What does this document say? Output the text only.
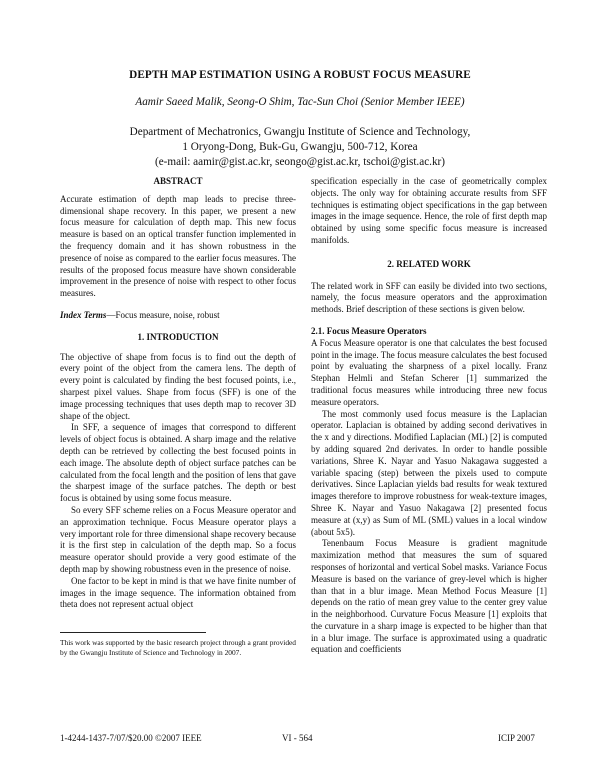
DEPTH MAP ESTIMATION USING A ROBUST FOCUS MEASURE
Aamir Saeed Malik, Seong-O Shim, Tac-Sun Choi (Senior Member IEEE)
Department of Mechatronics, Gwangju Institute of Science and Technology,
1 Oryong-Dong, Buk-Gu, Gwangju, 500-712, Korea
(e-mail: aamir@gist.ac.kr, seongo@gist.ac.kr, tschoi@gist.ac.kr)

ABSTRACT

Accurate estimation of depth map leads to precise three-dimensional shape recovery. In this paper, we present a new focus measure for calculation of depth map. This new focus measure is based on an optical transfer function implemented in the frequency domain and it has shown robustness in the presence of noise as compared to the earlier focus measures. The results of the proposed focus measure have shown considerable improvement in the presence of noise with respect to other focus measures.

Index Terms—Focus measure, noise, robust

1. INTRODUCTION

The objective of shape from focus is to find out the depth of every point of the object from the camera lens. The depth of every point is calculated by finding the best focused points, i.e., sharpest pixel values. Shape from focus (SFF) is one of the image processing techniques that uses depth map to recover 3D shape of the object.

In SFF, a sequence of images that correspond to different levels of object focus is obtained. A sharp image and the relative depth can be retrieved by collecting the best focused points in each image. The absolute depth of object surface patches can be calculated from the focal length and the position of lens that gave the sharpest image of the surface patches. The depth or best focus is obtained by using some focus measure.

So every SFF scheme relies on a Focus Measure operator and an approximation technique. Focus Measure operator plays a very important role for three dimensional shape recovery because it is the first step in calculation of the depth map. So a focus measure operator should provide a very good estimate of the depth map by showing robustness even in the presence of noise.

One factor to be kept in mind is that we have finite number of images in the image sequence. The information obtained from theta does not represent actual object

This work was supported by the basic research project through a grant provided by the Gwangju Institute of Science and Technology in 2007.

specification especially in the case of geometrically complex objects. The only way for obtaining accurate results from SFF techniques is estimating object specifications in the gap between images in the image sequence. Hence, the role of first depth map obtained by using some specific focus measure is increased manifolds.

2. RELATED WORK

The related work in SFF can easily be divided into two sections, namely, the focus measure operators and the approximation methods. Brief description of these sections is given below.

2.1. Focus Measure Operators

A Focus Measure operator is one that calculates the best focused point in the image. The focus measure calculates the best focused point by evaluating the sharpness of a pixel locally. Franz Stephan Helmli and Stefan Scherer [1] summarized the traditional focus measures while introducing three new focus measure operators.

The most commonly used focus measure is the Laplacian operator. Laplacian is obtained by adding second derivatives in the x and y directions. Modified Laplacian (ML) [2] is computed by adding squared 2nd derivates. In order to handle possible variations, Shree K. Nayar and Yasuo Nakagawa suggested a variable spacing (step) between the pixels used to compute derivatives. Since Laplacian yields bad results for weak textured images therefore to improve robustness for weak-texture images, Shree K. Nayar and Yasuo Nakagawa [2] presented focus measure at (x,y) as Sum of ML (SML) values in a local window (about 5x5).

Tenenbaum Focus Measure is gradient magnitude maximization method that measures the sum of squared responses of horizontal and vertical Sobel masks. Variance Focus Measure is based on the variance of grey-level which is higher than that in a blur image. Mean Method Focus Measure [1] depends on the ratio of mean grey value to the center grey value in the neighborhood. Curvature Focus Measure [1] exploits that the curvature in a sharp image is expected to be higher than that in a blur image. The surface is approximated using a quadratic equation and coefficients

1-4244-1437-7/07/$20.00 ©2007 IEEE	VI - 564	ICIP 2007
